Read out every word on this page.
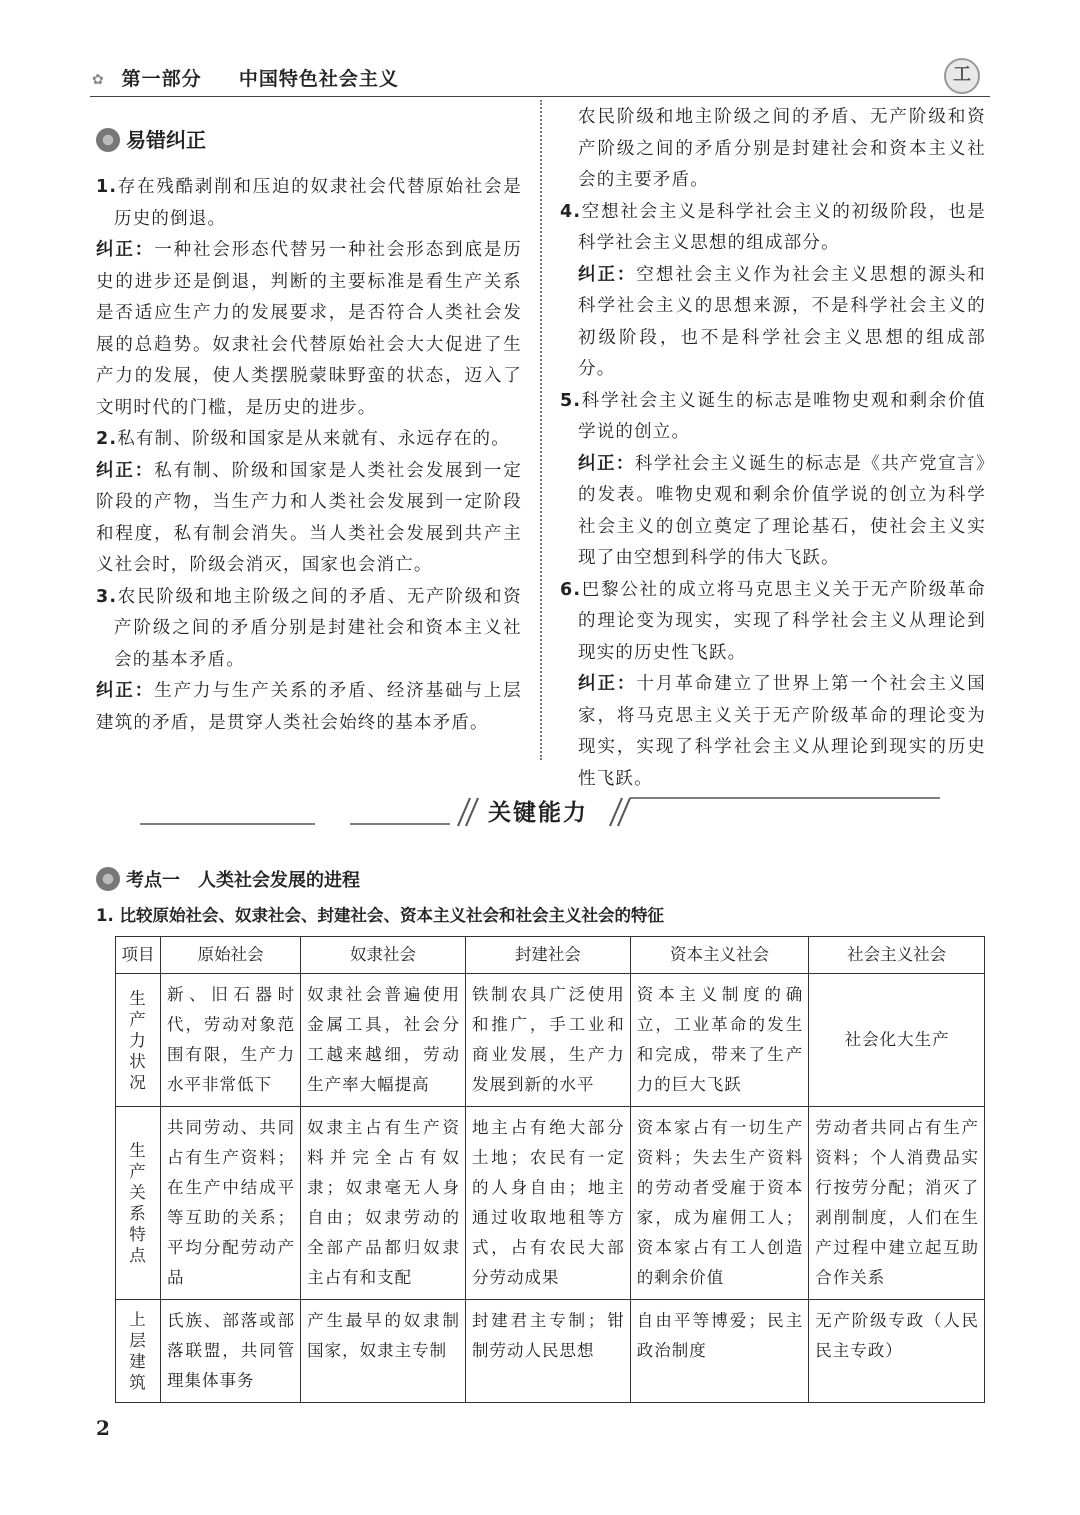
✿ 第一部分 中国特色社会主义	工
易错纠正
1.存在残酷剥削和压迫的奴隶社会代替原始社会是历史的倒退。
纠正：一种社会形态代替另一种社会形态到底是历史的进步还是倒退，判断的主要标准是看生产关系是否适应生产力的发展要求，是否符合人类社会发展的总趋势。奴隶社会代替原始社会大大促进了生产力的发展，使人类摆脱蒙昧野蛮的状态，迈入了文明时代的门槛，是历史的进步。
2.私有制、阶级和国家是从来就有、永远存在的。
纠正：私有制、阶级和国家是人类社会发展到一定阶段的产物，当生产力和人类社会发展到一定阶段和程度，私有制会消失。当人类社会发展到共产主义社会时，阶级会消灭，国家也会消亡。
3.农民阶级和地主阶级之间的矛盾、无产阶级和资产阶级之间的矛盾分别是封建社会和资本主义社会的基本矛盾。
纠正：生产力与生产关系的矛盾、经济基础与上层建筑的矛盾，是贯穿人类社会始终的基本矛盾。
农民阶级和地主阶级之间的矛盾、无产阶级和资产阶级之间的矛盾分别是封建社会和资本主义社会的主要矛盾。
4.空想社会主义是科学社会主义的初级阶段，也是科学社会主义思想的组成部分。
纠正：空想社会主义作为社会主义思想的源头和科学社会主义的思想来源，不是科学社会主义的初级阶段，也不是科学社会主义思想的组成部分。
5.科学社会主义诞生的标志是唯物史观和剩余价值学说的创立。
纠正：科学社会主义诞生的标志是《共产党宣言》的发表。唯物史观和剩余价值学说的创立为科学社会主义的创立奠定了理论基石，使社会主义实现了由空想到科学的伟大飞跃。
6.巴黎公社的成立将马克思主义关于无产阶级革命的理论变为现实，实现了科学社会主义从理论到现实的历史性飞跃。
纠正：十月革命建立了世界上第一个社会主义国家，将马克思主义关于无产阶级革命的理论变为现实，实现了科学社会主义从理论到现实的历史性飞跃。
关键能力
考点一　人类社会发展的进程
1. 比较原始社会、奴隶社会、封建社会、资本主义社会和社会主义社会的特征
项目	原始社会	奴隶社会	封建社会	资本主义社会	社会主义社会
生产力状况	新、旧石器时代，劳动对象范围有限，生产力水平非常低下	奴隶社会普遍使用金属工具，社会分工越来越细，劳动生产率大幅提高	铁制农具广泛使用和推广，手工业和商业发展，生产力发展到新的水平	资本主义制度的确立，工业革命的发生和完成，带来了生产力的巨大飞跃	社会化大生产
生产关系特点	共同劳动、共同占有生产资料；在生产中结成平等互助的关系；平均分配劳动产品	奴隶主占有生产资料并完全占有奴隶；奴隶毫无人身自由；奴隶劳动的全部产品都归奴隶主占有和支配	地主占有绝大部分土地；农民有一定的人身自由；地主通过收取地租等方式，占有农民大部分劳动成果	资本家占有一切生产资料；失去生产资料的劳动者受雇于资本家，成为雇佣工人；资本家占有工人创造的剩余价值	劳动者共同占有生产资料；个人消费品实行按劳分配；消灭了剥削制度，人们在生产过程中建立起互助合作关系
上层建筑	氏族、部落或部落联盟，共同管理集体事务	产生最早的奴隶制国家，奴隶主专制	封建君主专制；钳制劳动人民思想	自由平等博爱；民主政治制度	无产阶级专政（人民民主专政）
2
